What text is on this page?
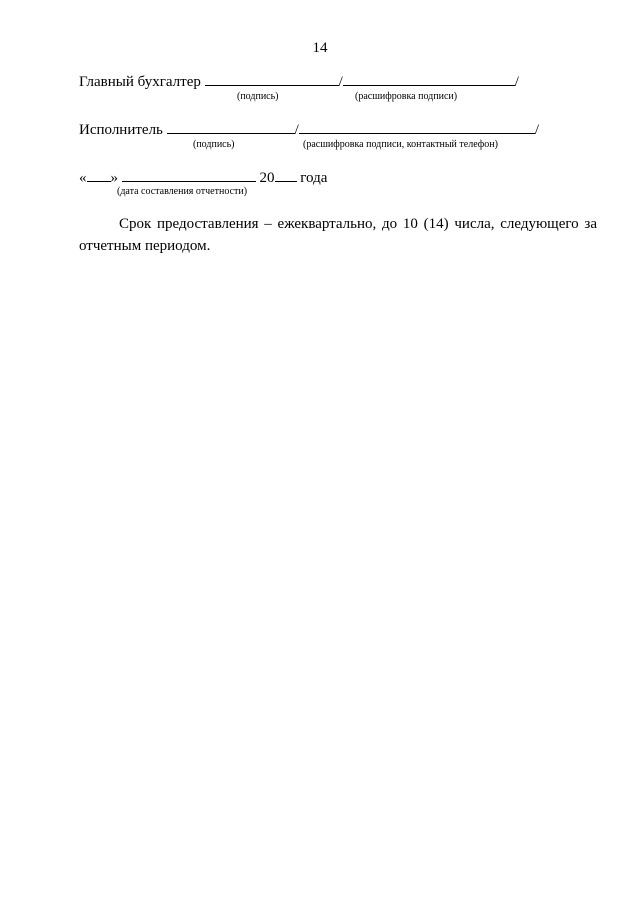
14
Главный бухгалтер	/	/
(подпись)	(расшифровка подписи)
Исполнитель	/	/
(подпись)	(расшифровка подписи, контактный телефон)
« »	20 года
(дата составления отчетности)
Срок предоставления – ежеквартально, до 10 (14) числа, следующего за отчетным периодом.
